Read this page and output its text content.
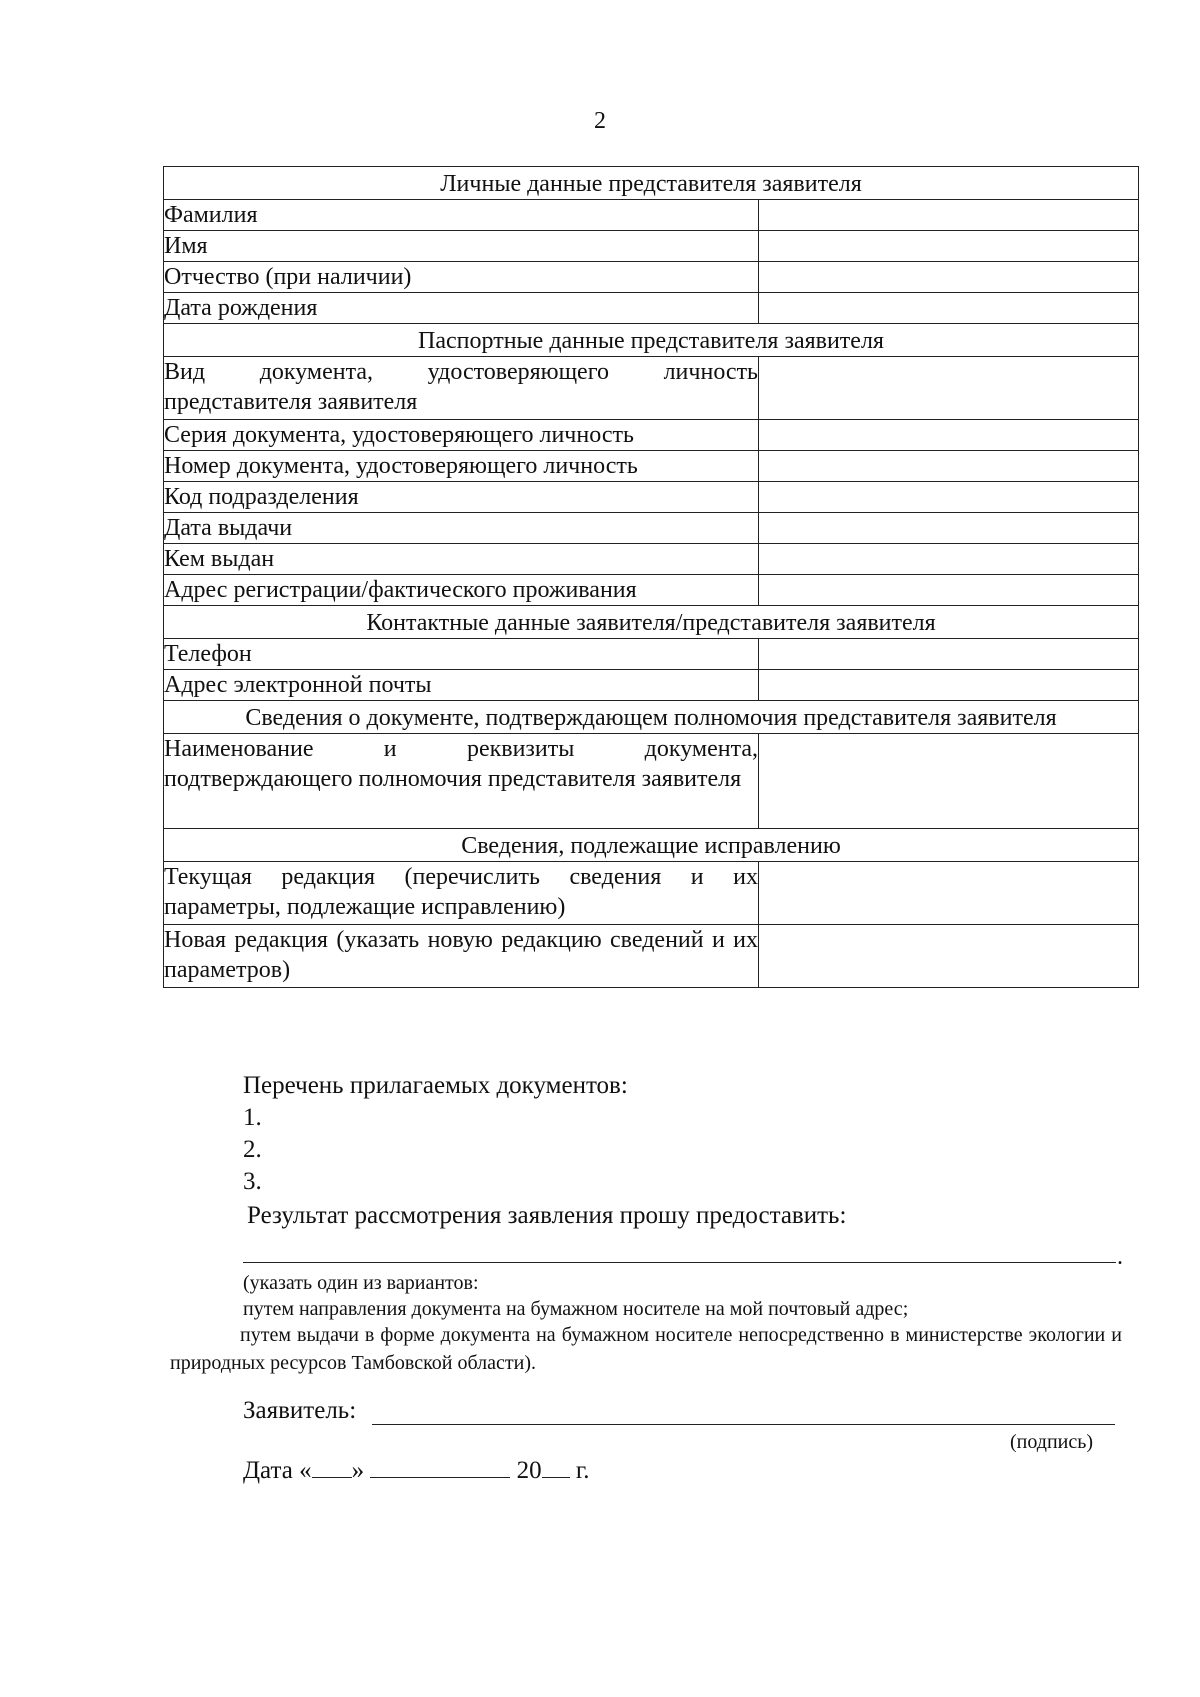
2
Личные данные представителя заявителя	
Фамилия	
Имя	
Отчество (при наличии)	
Дата рождения	
Паспортные данные представителя заявителя	
Вид документа, удостоверяющего личность представителя заявителя	
Серия документа, удостоверяющего личность	
Номер документа, удостоверяющего личность	
Код подразделения	
Дата выдачи	
Кем выдан	
Адрес регистрации/фактического проживания	
Контактные данные заявителя/представителя заявителя	
Телефон	
Адрес электронной почты	
Сведения о документе, подтверждающем полномочия представителя заявителя	
Наименование и реквизиты документа, подтверждающего полномочия представителя заявителя	
Сведения, подлежащие исправлению	
Текущая редакция (перечислить сведения и их параметры, подлежащие исправлению)	
Новая редакция (указать новую редакцию сведений и их параметров)	
Перечень прилагаемых документов:
1.
2.
3.
Результат рассмотрения заявления прошу предоставить:
.
(указать один из вариантов:
путем направления документа на бумажном носителе на мой почтовый адрес;
путем выдачи в форме документа на бумажном носителе непосредственно в министерстве экологии и природных ресурсов Тамбовской области).
Заявитель:
(подпись)
Дата « »	20 г.
